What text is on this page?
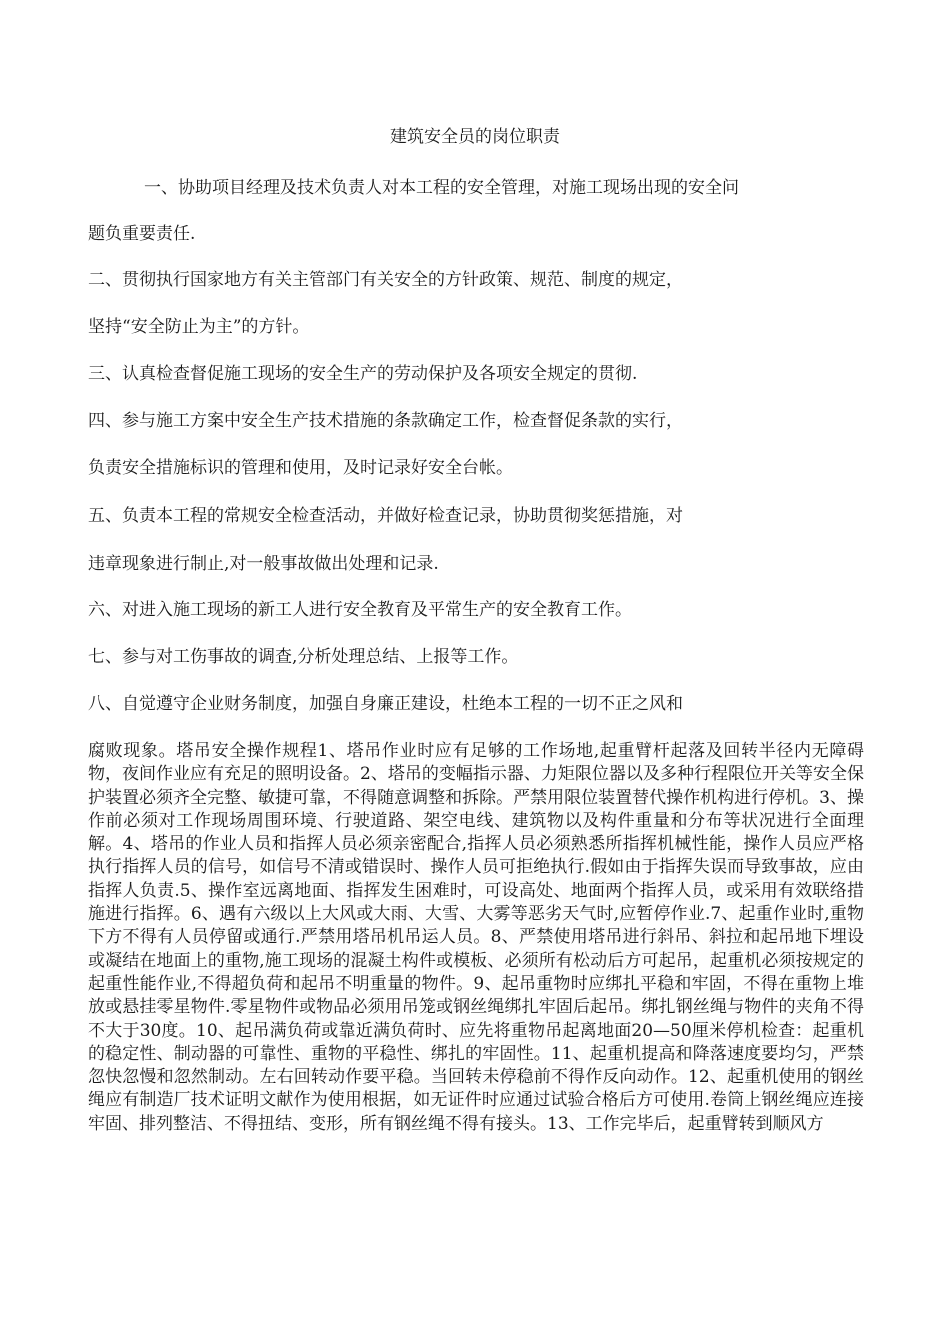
建筑安全员的岗位职责

一、协助项目经理及技术负责人对本工程的安全管理，对施工现场出现的安全问

题负重要责任.

二、贯彻执行国家地方有关主管部门有关安全的方针政策、规范、制度的规定，

坚持“安全防止为主”的方针。

三、认真检查督促施工现场的安全生产的劳动保护及各项安全规定的贯彻.

四、参与施工方案中安全生产技术措施的条款确定工作，检查督促条款的实行，

负责安全措施标识的管理和使用，及时记录好安全台帐。

五、负责本工程的常规安全检查活动，并做好检查记录，协助贯彻奖惩措施，对

违章现象进行制止,对一般事故做出处理和记录.

六、对进入施工现场的新工人进行安全教育及平常生产的安全教育工作。

七、参与对工伤事故的调查,分析处理总结、上报等工作。

八、自觉遵守企业财务制度，加强自身廉正建设，杜绝本工程的一切不正之风和

腐败现象。塔吊安全操作规程1、塔吊作业时应有足够的工作场地,起重臂杆起落及回转半径内无障碍物，夜间作业应有充足的照明设备。2、塔吊的变幅指示器、力矩限位器以及多种行程限位开关等安全保护装置必须齐全完整、敏捷可靠，不得随意调整和拆除。严禁用限位装置替代操作机构进行停机。3、操作前必须对工作现场周围环境、行驶道路、架空电线、建筑物以及构件重量和分布等状况进行全面理解。4、塔吊的作业人员和指挥人员必须亲密配合,指挥人员必须熟悉所指挥机械性能，操作人员应严格执行指挥人员的信号，如信号不清或错误时、操作人员可拒绝执行.假如由于指挥失误而导致事故，应由指挥人负责.5、操作室远离地面、指挥发生困难时，可设高处、地面两个指挥人员，或采用有效联络措施进行指挥。6、遇有六级以上大风或大雨、大雪、大雾等恶劣天气时,应暂停作业.7、起重作业时,重物下方不得有人员停留或通行.严禁用塔吊机吊运人员。8、严禁使用塔吊进行斜吊、斜拉和起吊地下埋设或凝结在地面上的重物,施工现场的混凝土构件或模板、必须所有松动后方可起吊，起重机必须按规定的起重性能作业,不得超负荷和起吊不明重量的物件。9、起吊重物时应绑扎平稳和牢固，不得在重物上堆放或悬挂零星物件.零星物件或物品必须用吊笼或钢丝绳绑扎牢固后起吊。绑扎钢丝绳与物件的夹角不得不大于30度。10、起吊满负荷或靠近满负荷时、应先将重物吊起离地面20—50厘米停机检查：起重机的稳定性、制动器的可靠性、重物的平稳性、绑扎的牢固性。11、起重机提高和降落速度要均匀，严禁忽快忽慢和忽然制动。左右回转动作要平稳。当回转未停稳前不得作反向动作。12、起重机使用的钢丝绳应有制造厂技术证明文献作为使用根据，如无证件时应通过试验合格后方可使用.卷筒上钢丝绳应连接牢固、排列整洁、不得扭结、变形，所有钢丝绳不得有接头。13、工作完毕后，起重臂转到顺风方
